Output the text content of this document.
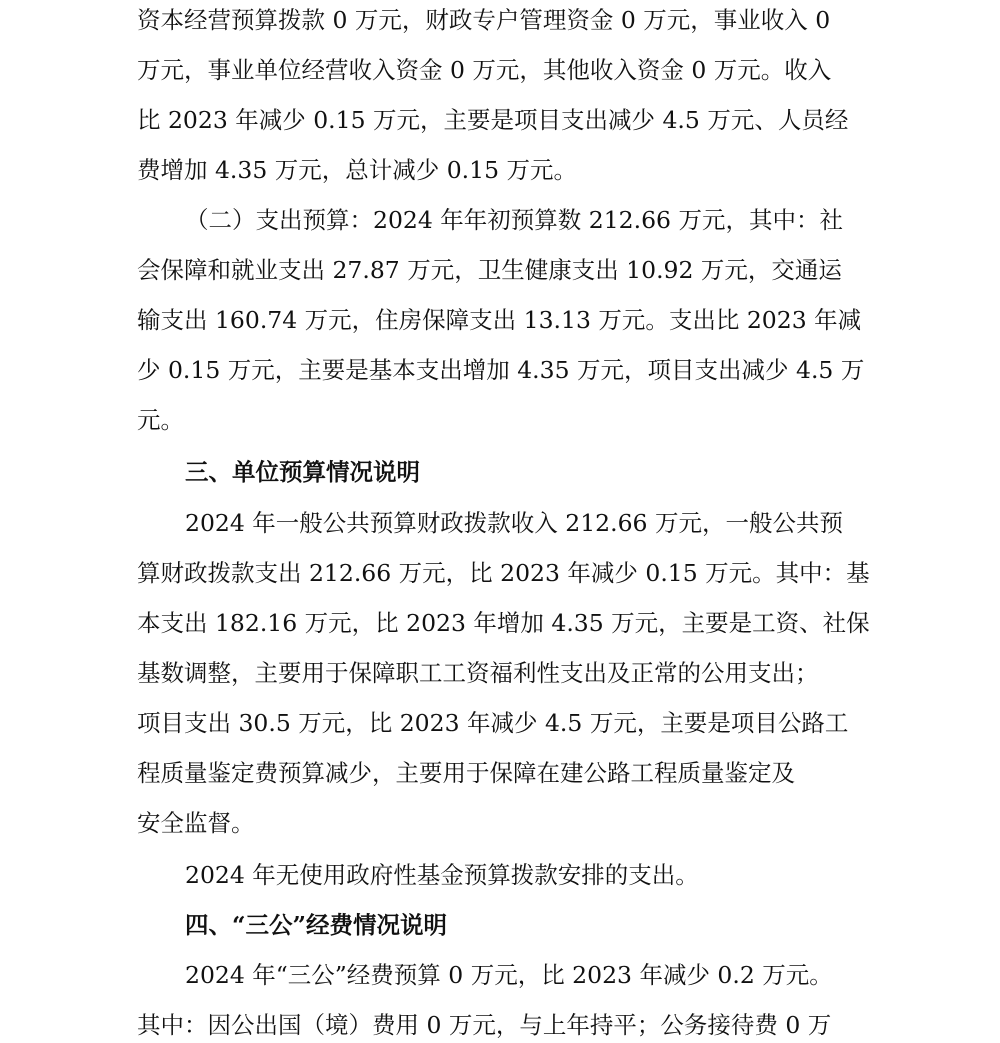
资本经营预算拨款 0 万元，财政专户管理资金 0 万元，事业收入 0
万元，事业单位经营收入资金 0 万元，其他收入资金 0 万元。收入
比 2023 年减少 0.15 万元，主要是项目支出减少 4.5 万元、人员经
费增加 4.35 万元，总计减少 0.15 万元。
（二）支出预算：2024 年年初预算数 212.66 万元，其中：社
会保障和就业支出 27.87 万元，卫生健康支出 10.92 万元，交通运
输支出 160.74 万元，住房保障支出 13.13 万元。支出比 2023 年减
少 0.15 万元，主要是基本支出增加 4.35 万元，项目支出减少 4.5 万
元。
三、单位预算情况说明
2024 年一般公共预算财政拨款收入 212.66 万元，一般公共预
算财政拨款支出 212.66 万元，比 2023 年减少 0.15 万元。其中：基
本支出 182.16 万元，比 2023 年增加 4.35 万元，主要是工资、社保
基数调整，主要用于保障职工工资福利性支出及正常的公用支出；
项目支出 30.5 万元，比 2023 年减少 4.5 万元，主要是项目公路工
程质量鉴定费预算减少，主要用于保障在建公路工程质量鉴定及
安全监督。
2024 年无使用政府性基金预算拨款安排的支出。
四、“三公”经费情况说明
2024 年“三公”经费预算 0 万元，比 2023 年减少 0.2 万元。
其中：因公出国（境）费用 0 万元，与上年持平；公务接待费 0 万
